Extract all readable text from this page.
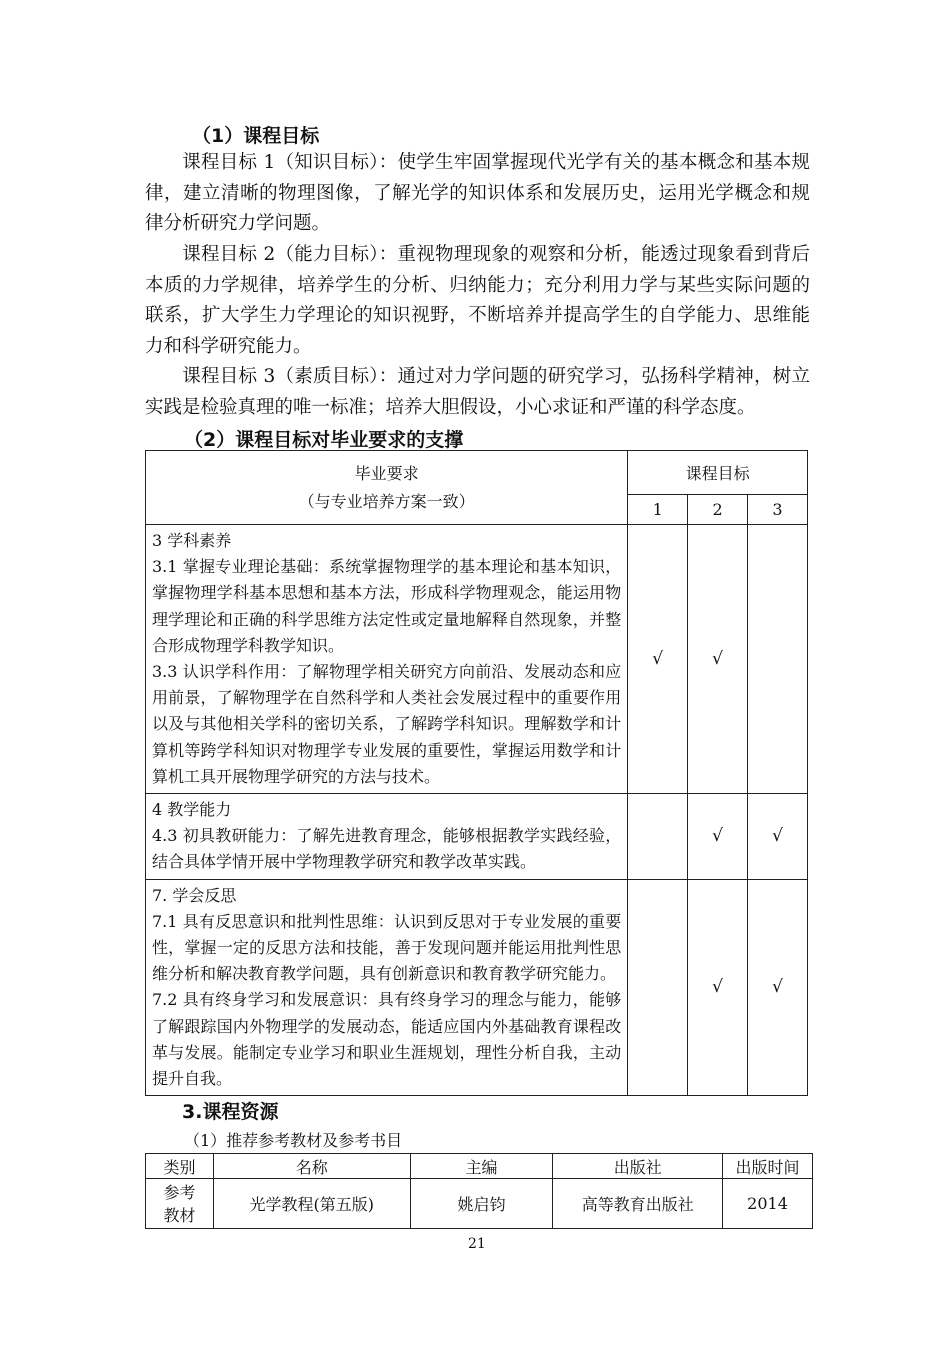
（1）课程目标

课程目标 1（知识目标）：使学生牢固掌握现代光学有关的基本概念和基本规律，建立清晰的物理图像，了解光学的知识体系和发展历史，运用光学概念和规律分析研究力学问题。

课程目标 2（能力目标）：重视物理现象的观察和分析，能透过现象看到背后本质的力学规律，培养学生的分析、归纳能力；充分利用力学与某些实际问题的联系，扩大学生力学理论的知识视野，不断培养并提高学生的自学能力、思维能力和科学研究能力。

课程目标 3（素质目标）：通过对力学问题的研究学习，弘扬科学精神，树立实践是检验真理的唯一标准；培养大胆假设，小心求证和严谨的科学态度。

（2）课程目标对毕业要求的支撑
毕业要求
（与专业培养方案一致）	课程目标		
	1	2	3

3 学科素养
3.1 掌握专业理论基础：系统掌握物理学的基本理论和基本知识，掌握物理学科基本思想和基本方法，形成科学物理观念，能运用物理学理论和正确的科学思维方法定性或定量地解释自然现象，并整合形成物理学科教学知识。
3.3 认识学科作用：了解物理学相关研究方向前沿、发展动态和应用前景，了解物理学在自然科学和人类社会发展过程中的重要作用以及与其他相关学科的密切关系，了解跨学科知识。理解数学和计算机等跨学科知识对物理学专业发展的重要性，掌握运用数学和计算机工具开展物理学研究的方法与技术。	√	√	

4 教学能力
4.3 初具教研能力：了解先进教育理念，能够根据教学实践经验，结合具体学情开展中学物理教学研究和教学改革实践。		√	√

7. 学会反思
7.1 具有反思意识和批判性思维：认识到反思对于专业发展的重要性，掌握一定的反思方法和技能，善于发现问题并能运用批判性思维分析和解决教育教学问题，具有创新意识和教育教学研究能力。
7.2 具有终身学习和发展意识：具有终身学习的理念与能力，能够了解跟踪国内外物理学的发展动态，能适应国内外基础教育课程改革与发展。能制定专业学习和职业生涯规划，理性分析自我，主动提升自我。		√	√
3.课程资源
（1）推荐参考教材及参考书目
类别	名称	主编	出版社	出版时间

参考
教材	光学教程(第五版)	姚启钧	高等教育出版社	2014
21
